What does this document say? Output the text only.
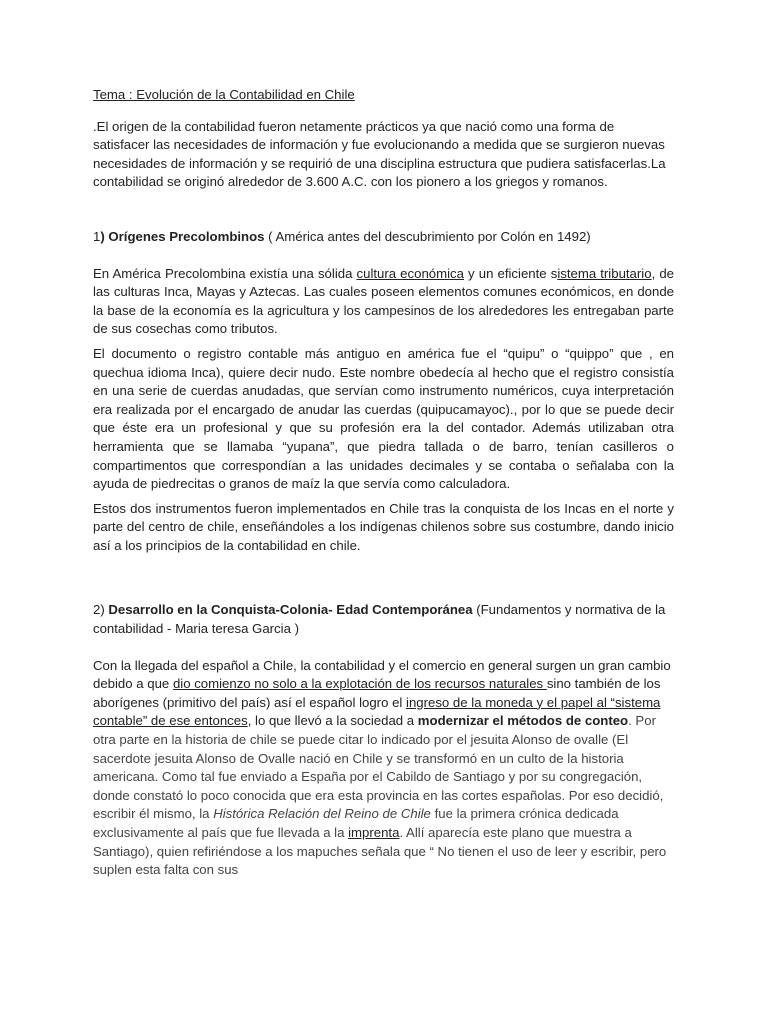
Tema : Evolución de la Contabilidad en Chile

.El origen de la contabilidad fueron netamente prácticos ya que nació como una forma de satisfacer las necesidades de información y fue evolucionando a medida que se surgieron nuevas necesidades de información y se requirió de una disciplina estructura que pudiera satisfacerlas.La contabilidad se originó alrededor de 3.600 A.C. con los pionero a los griegos y romanos.

1) Orígenes Precolombinos ( América antes del descubrimiento por Colón en 1492)

En América Precolombina existía una sólida cultura económica y un eficiente sistema tributario, de las culturas Inca, Mayas y Aztecas. Las cuales poseen elementos comunes económicos, en donde la base de la economía es la agricultura y los campesinos de los alrededores les entregaban parte de sus cosechas como tributos.

El documento o registro contable más antiguo en américa fue el “quipu” o “quippo” que , en quechua idioma Inca), quiere decir nudo. Este nombre obedecía al hecho que el registro consistía en una serie de cuerdas anudadas, que servían como instrumento numéricos, cuya interpretación era realizada por el encargado de anudar las cuerdas (quipucamayoc)., por lo que se puede decir que éste era un profesional y que su profesión era la del contador. Además utilizaban otra herramienta que se llamaba “yupana”, que piedra tallada o de barro, tenían casilleros o compartimentos que correspondían a las unidades decimales y se contaba o señalaba con la ayuda de piedrecitas o granos de maíz la que servía como calculadora.

Estos dos instrumentos fueron implementados en Chile tras la conquista de los Incas en el norte y parte del centro de chile, enseñándoles a los indígenas chilenos sobre sus costumbre, dando inicio así a los principios de la contabilidad en chile.

2) Desarrollo en la Conquista-Colonia- Edad Contemporánea (Fundamentos y normativa de la contabilidad - Maria teresa Garcia )

Con la llegada del español a Chile, la contabilidad y el comercio en general surgen un gran cambio debido a que dio comienzo no solo a la explotación de los recursos naturales sino también de los aborígenes (primitivo del país) así el español logro el ingreso de la moneda y el papel al “sistema contable” de ese entonces, lo que llevó a la sociedad a modernizar el métodos de conteo. Por otra parte en la historia de chile se puede citar lo indicado por el jesuita Alonso de ovalle (El sacerdote jesuita Alonso de Ovalle nació en Chile y se transformó en un culto de la historia americana. Como tal fue enviado a España por el Cabildo de Santiago y por su congregación, donde constató lo poco conocida que era esta provincia en las cortes españolas. Por eso decidió, escribir él mismo, la Histórica Relación del Reino de Chile fue la primera crónica dedicada exclusivamente al país que fue llevada a la imprenta. Allí aparecía este plano que muestra a Santiago), quien refiriéndose a los mapuches señala que “ No tienen el uso de leer y escribir, pero suplen esta falta con sus
